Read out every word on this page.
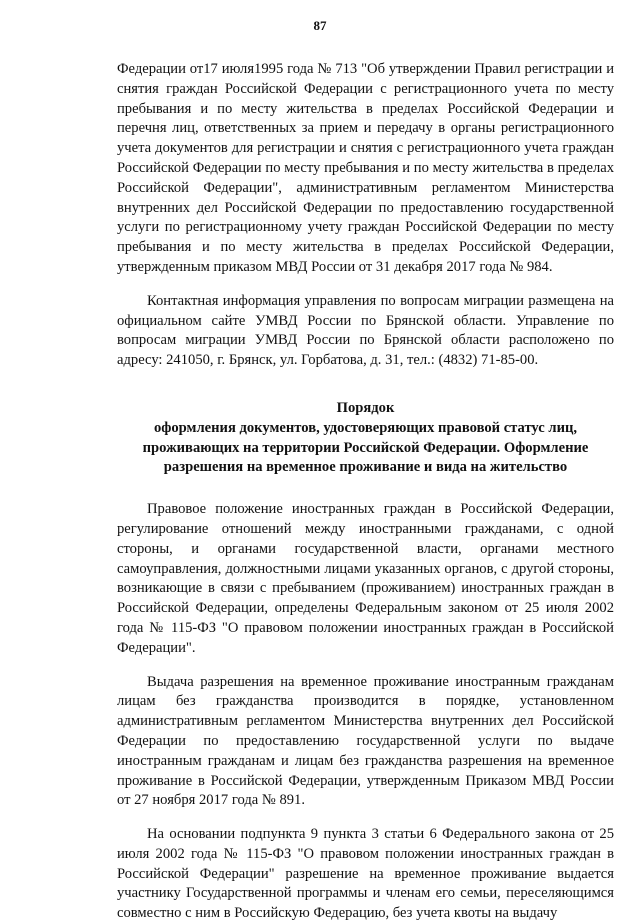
87

Федерации от17 июля1995 года № 713 "Об утверждении Правил регистрации и снятия граждан Российской Федерации с регистрационного учета по месту пребывания и по месту жительства в пределах Российской Федерации и перечня лиц, ответственных за прием и передачу в органы регистрационного учета документов для регистрации и снятия с регистрационного учета граждан Российской Федерации по месту пребывания и по месту жительства в пределах Российской Федерации", административным регламентом Министерства внутренних дел Российской Федерации по предоставлению государственной услуги по регистрационному учету граждан Российской Федерации по месту пребывания и по месту жительства в пределах Российской Федерации, утвержденным приказом МВД России от 31 декабря 2017 года № 984.

Контактная информация управления по вопросам миграции размещена на официальном сайте УМВД России по Брянской области. Управление по вопросам миграции УМВД России по Брянской области расположено по адресу: 241050, г. Брянск, ул. Горбатова, д. 31, тел.: (4832) 71-85-00.

Порядок
оформления документов, удостоверяющих правовой статус лиц, проживающих на территории Российской Федерации. Оформление разрешения на временное проживание и вида на жительство

Правовое положение иностранных граждан в Российской Федерации, регулирование отношений между иностранными гражданами, с одной стороны, и органами государственной власти, органами местного самоуправления, должностными лицами указанных органов, с другой стороны, возникающие в связи с пребыванием (проживанием) иностранных граждан в Российской Федерации, определены Федеральным законом от 25 июля 2002 года № 115-ФЗ "О правовом положении иностранных граждан в Российской Федерации".

Выдача разрешения на временное проживание иностранным гражданам лицам без гражданства производится в порядке, установленном административным регламентом Министерства внутренних дел Российской Федерации по предоставлению государственной услуги по выдаче иностранным гражданам и лицам без гражданства разрешения на временное проживание в Российской Федерации, утвержденным Приказом МВД России от 27 ноября 2017 года № 891.

На основании подпункта 9 пункта 3 статьи 6 Федерального закона от 25 июля 2002 года № 115-ФЗ "О правовом положении иностранных граждан в Российской Федерации" разрешение на временное проживание выдается участнику Государственной программы и членам его семьи, переселяющимся совместно с ним в Российскую Федерацию, без учета квоты на выдачу
